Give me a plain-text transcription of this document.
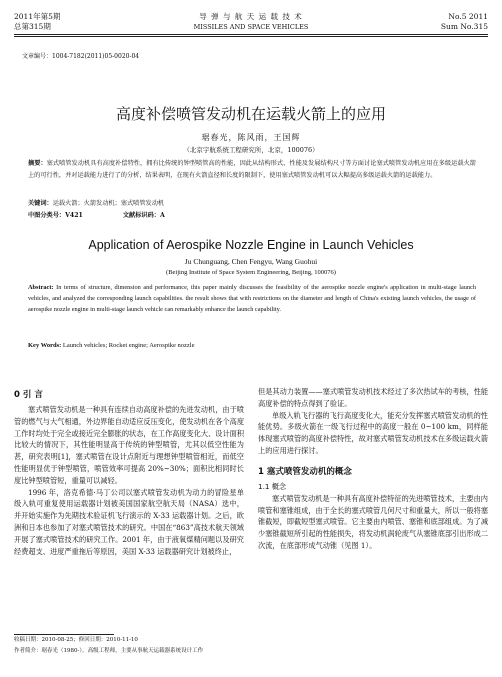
2011年第5期
总第315期
导 弹 与 航 天 运 载 技 术
MISSILES AND SPACE VEHICLES
No.5 2011
Sum No.315
文章编号：1004-7182(2011)05-0020-04
高度补偿喷管发动机在运载火箭上的应用
琚春光，陈风雨，王国辉
（北京宇航系统工程研究所，北京，100076）
摘要：塞式喷管发动机具有高度补偿特性，拥有比传统的钟型喷管高的性能，因此从结构形式、性能及发展结构尺寸等方面讨论塞式喷管发动机应用在多级运载火箭上的可行性，并对运载能力进行了的分析，结果表明，在现有火箭直径和长度的限制下，使用塞式喷管发动机可以大幅提高多级运载火箭的运载能力。
关键词：运载火箭；火箭发动机；塞式喷管发动机
中图分类号：V421	文献标识码：A
Application of Aerospike Nozzle Engine in Launch Vehicles
Ju Chunguang, Chen Fengyu, Wang Guohui
(Beijing Institute of Space System Engineering, Beijing, 100076)
Abstract: In terms of structure, dimension and performance, this paper mainly discusses the feasibility of the aerospike nozzle engine's application in multi-stage launch vehicles, and analyzed the corresponding launch capabilities. the result shows that with restrictions on the diameter and length of China's existing launch vehicles, the usage of aerospike nozzle engine in multi-stage launch vehicle can remarkably enhance the launch capability.
Key Words: Launch vehicles; Rocket engine; Aerospike nozzle
0 引 言

塞式喷管发动机是一种具有连续自动高度补偿的先进发动机，由于喷管的燃气与大气相通，外边界能自动适应反压变化，使发动机在各个高度工作时均处于完全或接近完全膨胀的状态，在工作高度变化大、设计面积比较大的情况下，其性能明显高于传统的钟型喷管，尤其以低空性能为甚，研究表明[1]，塞式喷管在设计点附近与理想钟型喷管相近，而低空性能明显优于钟型喷管，喷管效率可提高 20%~30%；面积比相同时长度比钟型喷管短，重量可以减轻。

1996 年，洛克希德·马丁公司以塞式喷管发动机为动力的冒险星单级入轨可重复使用运载器计划被美国国家航空航天局（NASA）选中，并开始实施作为先期技术验证机飞行演示的 X-33 运载器计划。之后，欧洲和日本也参加了对塞式喷管技术的研究。中国在“863”高技术航天领域开展了塞式喷管技术的研究工作。2001 年，由于液氧煤精问题以及研究经费超支、进度严重拖后等原因，美国 X-33 运载器研究计划被终止，

收稿日期：2010-08-25；修回日期：2010-11-10
作者简介：琚春光（1980-），高级工程师，主要从事航天运载器系统设计工作

但是其动力装置——塞式喷管发动机技术经过了多次热试车的考核，性能高度补偿的特点得到了验证。

单级入轨飞行器的飞行高度变化大，能充分发挥塞式喷管发动机的性能优势。多级火箭在一级飞行过程中的高度一般在 0~100 km，同样能体现塞式喷管的高度补偿特性，故对塞式喷管发动机技术在多级运载火箭上的应用进行探讨。

1 塞式喷管发动机的概念
1.1 概念

塞式喷管发动机是一种具有高度补偿特征的先进喷管技术，主要由内喷管和塞锥组成，由于全长的塞式喷管几何尺寸和重量大，所以一般将塞锥截短，即截短型塞式喷管。它主要由内喷管、塞锥和底部组成。为了减少塞锥截短所引起的性能损失，将发动机涡轮废气从塞锥底部引出形成二次流，在底部形成气动锥（见图 1）。
